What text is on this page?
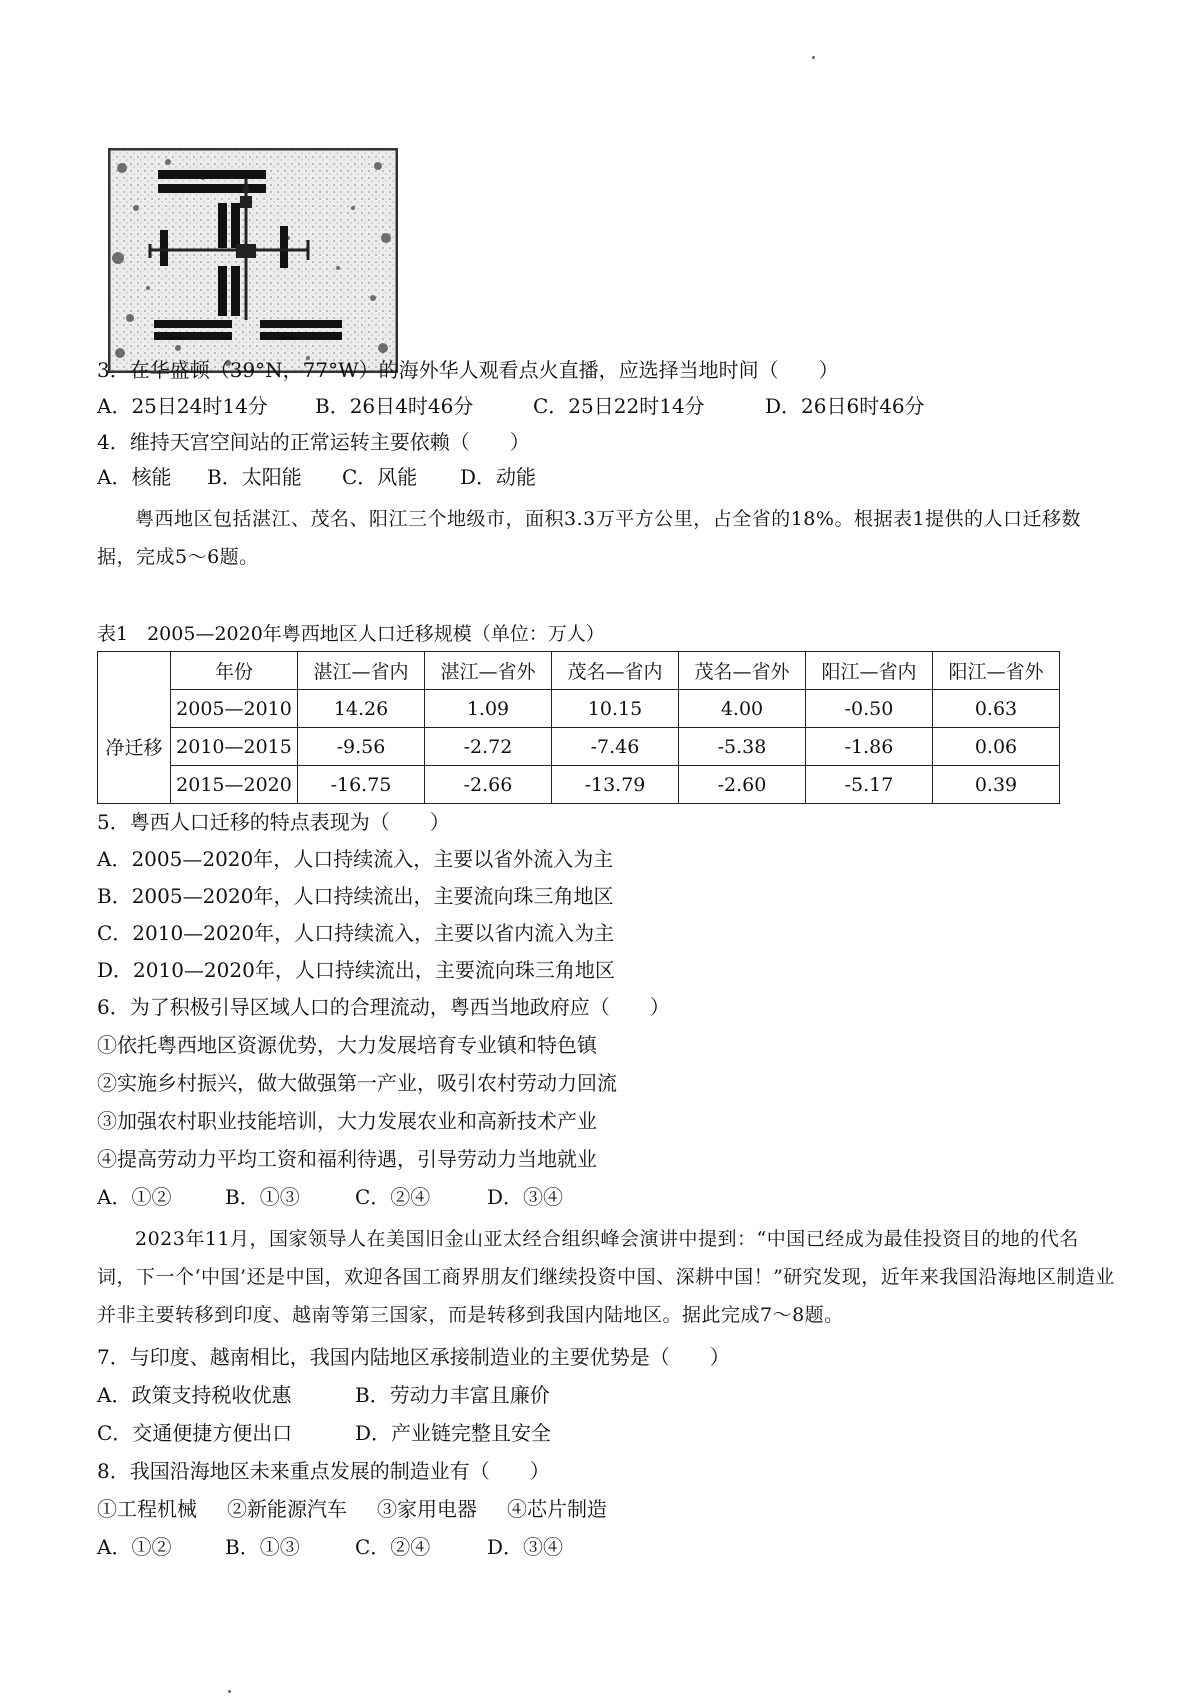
3．在华盛顿（39°N，77°W）的海外华人观看点火直播，应选择当地时间（　　）
A．25日24时14分 B．26日4时46分	C．25日22时14分	D．26日6时46分
4．维持天宫空间站的正常运转主要依赖（　　）
A．核能 B．太阳能 C．风能 D．动能
粤西地区包括湛江、茂名、阳江三个地级市，面积3.3万平方公里，占全省的18%。根据表1提供的人口迁移数据，完成5～6题。
表1　2005—2020年粤西地区人口迁移规模（单位：万人）
	年份	湛江—省内	湛江—省外	茂名—省内	茂名—省外	阳江—省内	阳江—省外
净迁移	2005—2010	14.26	1.09	10.15	4.00	-0.50	0.63
	2010—2015	-9.56	-2.72	-7.46	-5.38	-1.86	0.06
	2015—2020	-16.75	-2.66	-13.79	-2.60	-5.17	0.39
5．粤西人口迁移的特点表现为（　　）
A．2005—2020年，人口持续流入，主要以省外流入为主
B．2005—2020年，人口持续流出，主要流向珠三角地区
C．2010—2020年，人口持续流入，主要以省内流入为主
D．2010—2020年，人口持续流出，主要流向珠三角地区
6．为了积极引导区域人口的合理流动，粤西当地政府应（　　）
①依托粤西地区资源优势，大力发展培育专业镇和特色镇
②实施乡村振兴，做大做强第一产业，吸引农村劳动力回流
③加强农村职业技能培训，大力发展农业和高新技术产业
④提高劳动力平均工资和福利待遇，引导劳动力当地就业
A．①②	B．①③	C．②④	D．③④
2023年11月，国家领导人在美国旧金山亚太经合组织峰会演讲中提到：“中国已经成为最佳投资目的地的代名词，下一个‘中国’还是中国，欢迎各国工商界朋友们继续投资中国、深耕中国！”研究发现，近年来我国沿海地区制造业并非主要转移到印度、越南等第三国家，而是转移到我国内陆地区。据此完成7～8题。
7．与印度、越南相比，我国内陆地区承接制造业的主要优势是（　　）
A．政策支持税收优惠	B．劳动力丰富且廉价
C．交通便捷方便出口	D．产业链完整且安全
8．我国沿海地区未来重点发展的制造业有（　　）
①工程机械 ②新能源汽车 ③家用电器 ④芯片制造
A．①②	B．①③	C．②④	D．③④
